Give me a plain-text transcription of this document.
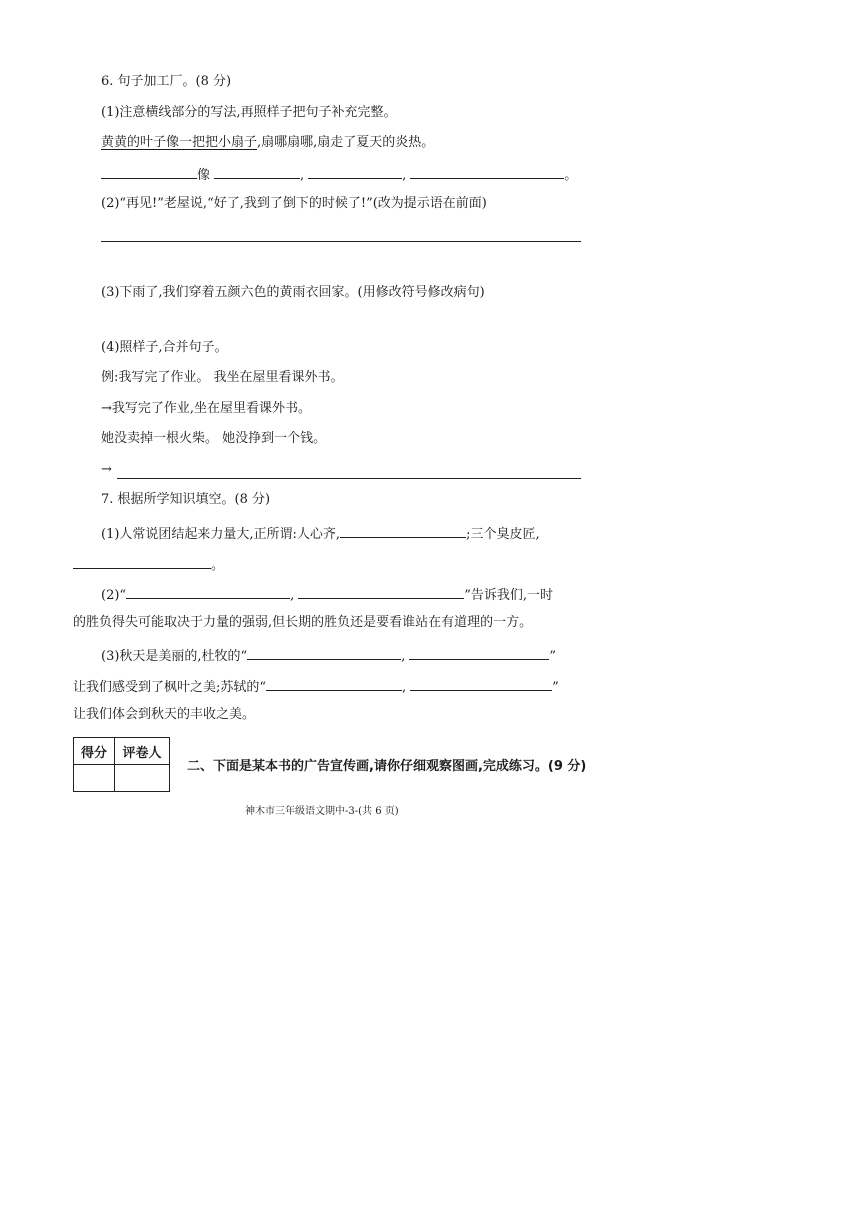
6. 句子加工厂。(8 分)
(1)注意横线部分的写法,再照样子把句子补充完整。
黄黄的叶子像一把把小扇子,扇哪扇哪,扇走了夏天的炎热。
像	,	,	。
(2)“再见!”老屋说,“好了,我到了倒下的时候了!”(改为提示语在前面)
(3)下雨了,我们穿着五颜六色的黄雨衣回家。(用修改符号修改病句)
(4)照样子,合并句子。
例:我写完了作业。 我坐在屋里看课外书。
→我写完了作业,坐在屋里看课外书。
她没卖掉一根火柴。 她没挣到一个钱。
→
7. 根据所学知识填空。(8 分)
(1)人常说团结起来力量大,正所谓:人心齐,	;三个臭皮匠,
。
(2)“	,	”告诉我们,一时
的胜负得失可能取决于力量的强弱,但长期的胜负还是要看谁站在有道理的一方。
(3)秋天是美丽的,杜牧的“	,	”
让我们感受到了枫叶之美;苏轼的“	,	”
让我们体会到秋天的丰收之美。
得分	评卷人

二、下面是某本书的广告宣传画,请你仔细观察图画,完成练习。(9 分)
神木市三年级语文期中-3-(共 6 页)
